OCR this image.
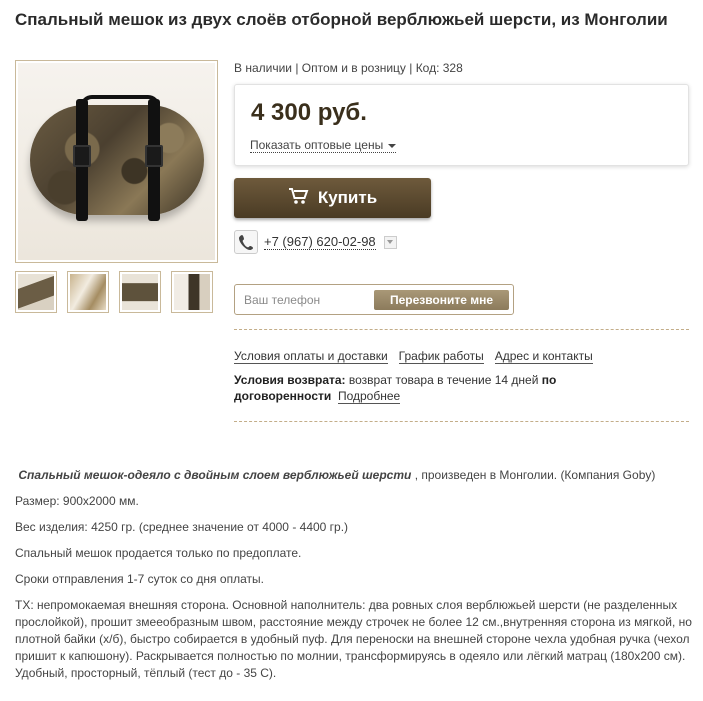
Спальный мешок из двух слоёв отборной верблюжьей шерсти, из Монголии
В наличии | Оптом и в розницу | Код: 328
4 300 руб.
Показать оптовые цены
Купить
+7 (967) 620-02-98
Ваш телефон
Перезвоните мне
Условия оплаты и доставки График работы Адрес и контакты
Условия возврата: возврат товара в течение 14 дней по договоренности Подробнее

Спальный мешок-одеяло с двойным слоем верблюжьей шерсти , произведен в Монголии. (Компания Goby)

Размер: 900х2000 мм.

Вес изделия: 4250 гр. (среднее значение от 4000 - 4400 гр.)

Спальный мешок продается только по предоплате.

Сроки отправления 1-7 суток со дня оплаты.

ТХ: непромокаемая внешняя сторона. Основной наполнитель: два ровных слоя верблюжьей шерсти (не разделенных прослойкой), прошит змееобразным швом, расстояние между строчек не более 12 см.,внутренняя сторона из мягкой, но плотной байки (х/б), быстро собирается в удобный пуф. Для переноски на внешней стороне чехла удобная ручка (чехол пришит к капюшону). Раскрывается полностью по молнии, трансформируясь в одеяло или лёгкий матрац (180х200 см). Удобный, просторный, тёплый (тест до - 35 С).
